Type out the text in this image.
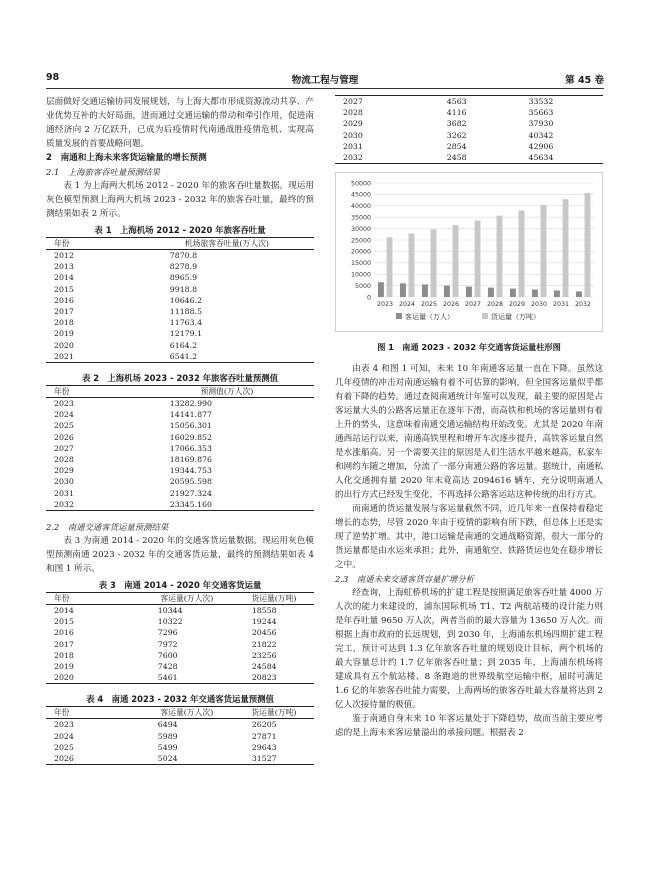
98	物流工程与管理	第 45 卷

层面做好交通运输协同发展规划，与上海大都市形成资源流动共享、产业优势互补的大好局面，进而通过交通运输的带动和牵引作用，促进南通经济向 2 万亿跃升，已成为后疫情时代南通战胜疫情危机、实现高质量发展的首要战略问题。

2　南通和上海未来客货运输量的增长预测

2.1　上海旅客吞吐量预测结果

表 1 为上海两大机场 2012 - 2020 年的旅客吞吐量数据。现运用灰色模型预测上海两大机场 2023 - 2032 年的旅客吞吐量，最终的预测结果如表 2 所示。

表 1　上海机场 2012 - 2020 年旅客吞吐量
年份	机场旅客吞吐量(万人次)
2012	7870.8
2013	8278.9
2014	8965.9
2015	9918.8
2016	10646.2
2017	11188.5
2018	11763.4
2019	12179.1
2020	6164.2
2021	6541.2
表 2　上海机场 2023 - 2032 年旅客吞吐量预测值
年份	预测值(万人次)
2023	13282.990
2024	14141.877
2025	15056.301
2026	16029.852
2027	17066.353
2028	18169.876
2029	19344.753
2030	20595.598
2031	21927.324
2032	23345.160

2.2　南通交通客货运量预测结果

表 3 为南通 2014 - 2020 年的交通客货运量数据。现运用灰色模型预测南通 2023 - 2032 年的交通客货运量，最终的预测结果如表 4 和图 1 所示。

表 3　南通 2014 - 2020 年交通客货运量
年份	客运量(万人次)	货运量(万吨)
2014	10344	18558
2015	10322	19244
2016	7296	20456
2017	7972	21822
2018	7600	23256
2019	7428	24584
2020	5461	20823
表 4　南通 2023 - 2032 年交通客货运量预测值
年份	客运量(万人次)	货运量(万吨)
2023	6494	26205
2024	5989	27871
2025	5499	29643
2026	5024	31527
2027	4563	33532
2028	4116	35663
2029	3682	37930
2030	3262	40342
2031	2854	42906
2032	2458	45634
0
5000
10000
15000
20000
25000
30000
35000
40000
45000
50000
2023 2024 2025 2026 2027 2028 2029 2030 2031 2032
客运量（万人）	货运量（万吨）
图 1　南通 2023 - 2032 年交通客货运量柱形图

由表 4 和图 1 可知，未来 10 年南通客运量一直在下降。虽然这几年疫情的冲击对南通运输有着不可估算的影响，但全国客运量似乎都有着下降的趋势。通过查阅南通统计年鉴可以发现，最主要的原因是占客运量大头的公路客运量正在逐年下滑，而高铁和机场的客运量则有着上升的势头，这意味着南通交通运输结构开始改变。尤其是 2020 年南通西站运行以来，南通高铁里程和增开车次逐步提升，高铁客运量自然是水涨船高。另一个需要关注的原因是人们生活水平越来越高，私家车和网约车随之增加，分流了一部分南通公路的客运量。据统计，南通私人化交通拥有量 2020 年末竟高达 2094616 辆车，充分说明南通人的出行方式已经发生变化，不再选择公路客运站这种传统的出行方式。

而南通的货运量发展与客运量截然不同，近几年来一直保持着稳定增长的态势，尽管 2020 年由于疫情的影响有所下跌，但总体上还是实现了逆势扩增。其中，港口运输是南通的交通战略资源，很大一部分的货运量都是由水运来承担；此外，南通航空、铁路货运也处在稳步增长之中。

2.3　南通未来交通客货容量扩增分析

经查询，上海虹桥机场的扩建工程是按照满足旅客吞吐量 4000 万人次的能力来建设的，浦东国际机场 T1、T2 两航站楼的设计能力则是年吞吐量 9650 万人次，两者当前的最大容量为 13650 万人次。而根据上海市政府的长远规划，到 2030 年，上海浦东机场四期扩建工程完工，预计可达到 1.3 亿年旅客吞吐量的规划设计目标，两个机场的最大容量总计约 1.7 亿年旅客吞吐量；到 2035 年，上海浦东机场将建成具有五个航站楼、8 条跑道的世界级航空运输中枢，届时可满足 1.6 亿的年旅客吞吐能力需要，上海两场的旅客吞吐最大容量将达到 2 亿人次接待量的极值。

鉴于南通自身未来 10 年客运量处于下降趋势，故而当前主要应考虑的是上海未来客运量溢出的承接问题。根据表 2
